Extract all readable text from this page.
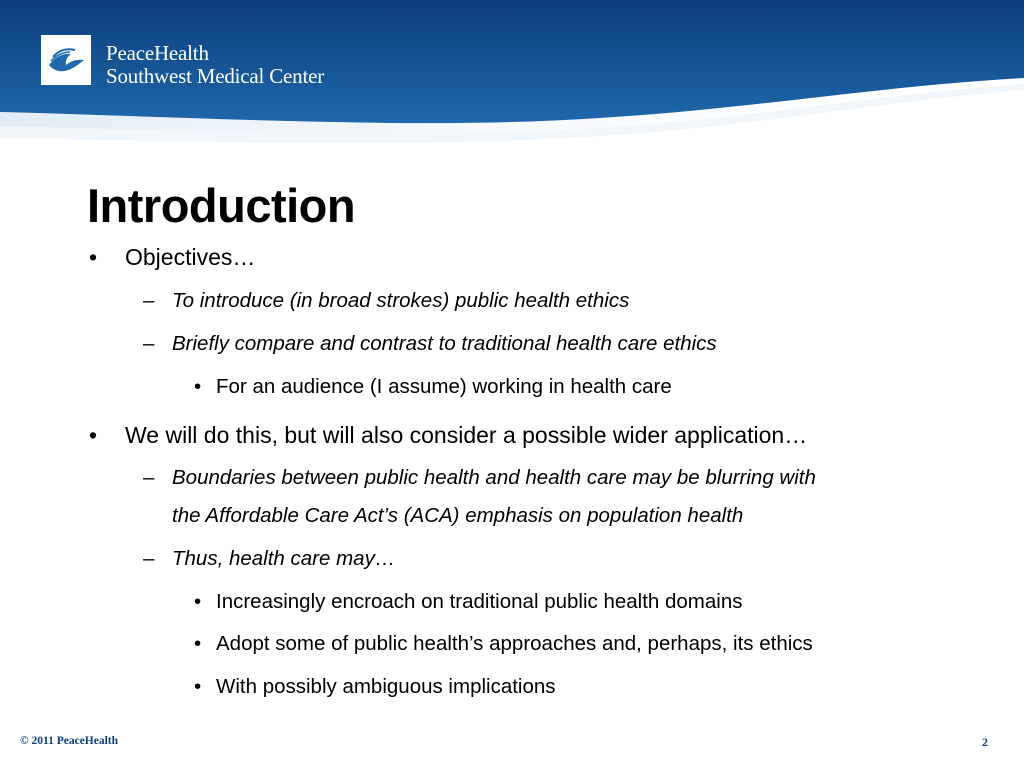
PeaceHealth
Southwest Medical Center
Introduction
• Objectives…
– To introduce (in broad strokes) public health ethics
– Briefly compare and contrast to traditional health care ethics
• For an audience (I assume) working in health care
• We will do this, but will also consider a possible wider application…
– Boundaries between public health and health care may be blurring with
the Affordable Care Act’s (ACA) emphasis on population health
– Thus, health care may…
• Increasingly encroach on traditional public health domains
• Adopt some of public health’s approaches and, perhaps, its ethics
• With possibly ambiguous implications
© 2011 PeaceHealth	2
